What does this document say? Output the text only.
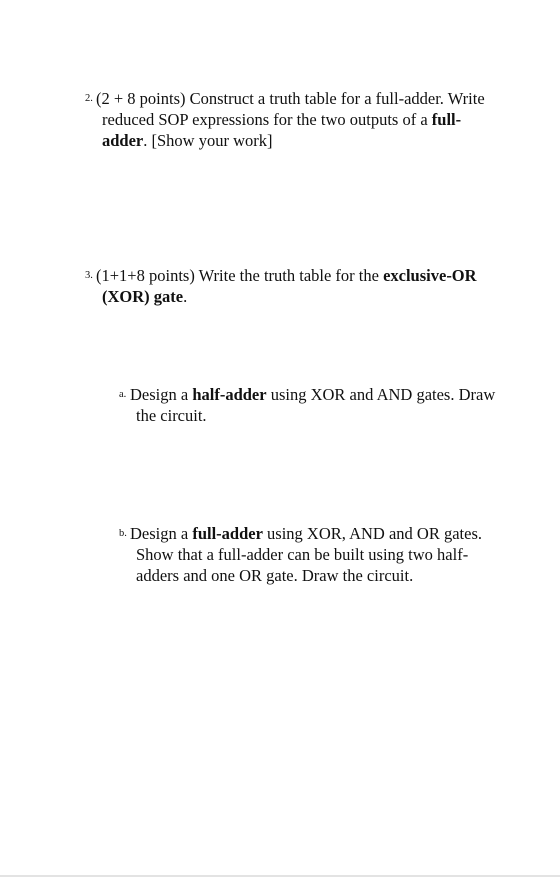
2. (2 + 8 points) Construct a truth table for a full-adder. Write
reduced SOP expressions for the two outputs of a full-
adder. [Show your work]
3. (1+1+8 points) Write the truth table for the exclusive-OR
(XOR) gate.
a. Design a half-adder using XOR and AND gates. Draw
the circuit.
b. Design a full-adder using XOR, AND and OR gates.
Show that a full-adder can be built using two half-
adders and one OR gate. Draw the circuit.
